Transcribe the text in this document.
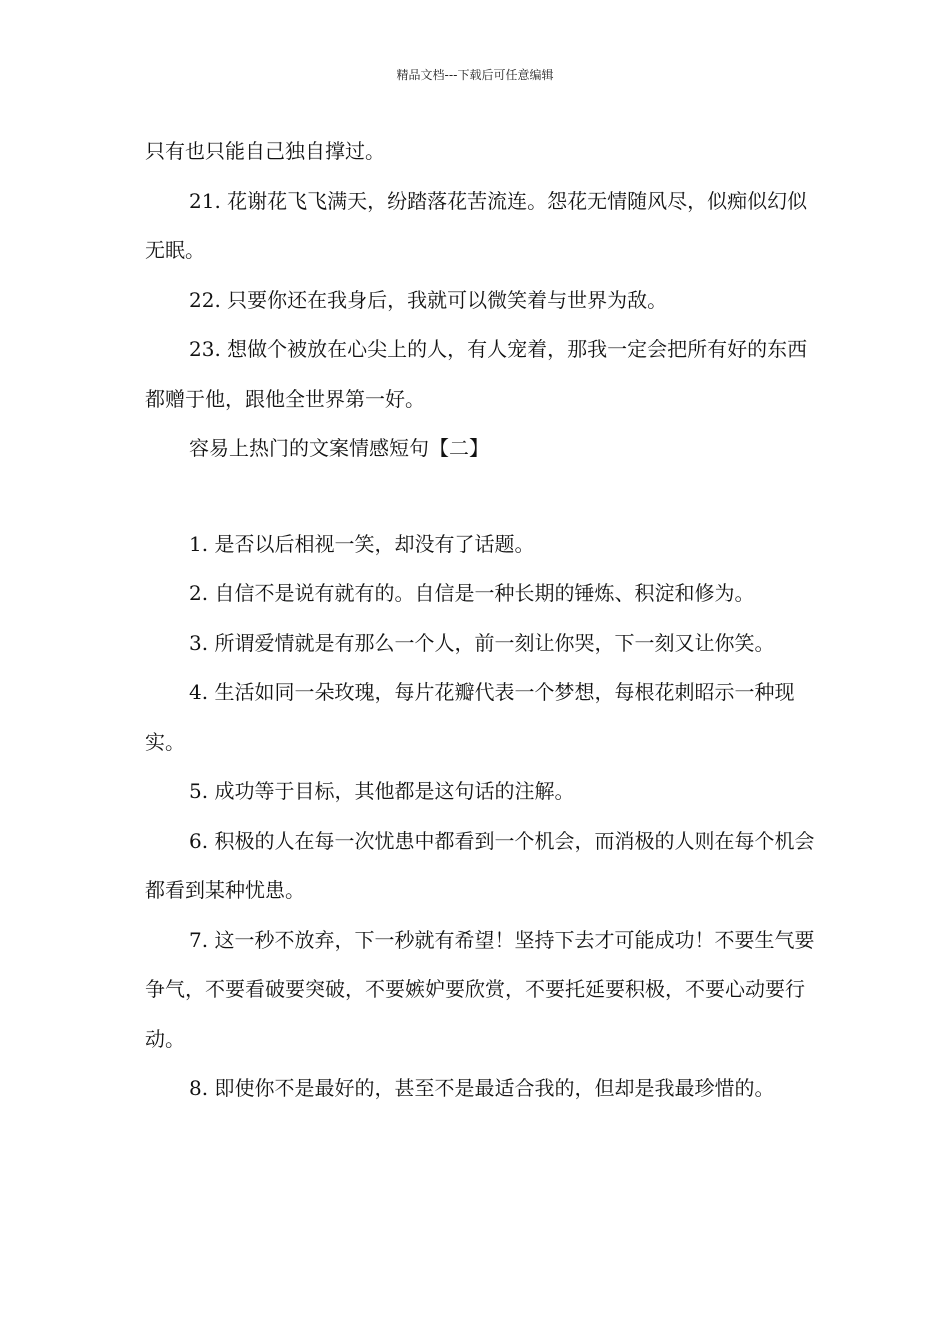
精品文档---下载后可任意编辑

只有也只能自己独自撑过。

21. 花谢花飞飞满天，纷踏落花苦流连。怨花无情随风尽，似痴似幻似无眠。

22. 只要你还在我身后，我就可以微笑着与世界为敌。

23. 想做个被放在心尖上的人，有人宠着，那我一定会把所有好的东西都赠于他，跟他全世界第一好。

容易上热门的文案情感短句【二】

1. 是否以后相视一笑，却没有了话题。

2. 自信不是说有就有的。自信是一种长期的锤炼、积淀和修为。

3. 所谓爱情就是有那么一个人，前一刻让你哭，下一刻又让你笑。

4. 生活如同一朵玫瑰，每片花瓣代表一个梦想，每根花刺昭示一种现实。

5. 成功等于目标，其他都是这句话的注解。

6. 积极的人在每一次忧患中都看到一个机会，而消极的人则在每个机会都看到某种忧患。

7. 这一秒不放弃，下一秒就有希望！坚持下去才可能成功！不要生气要争气，不要看破要突破，不要嫉妒要欣赏，不要托延要积极，不要心动要行动。

8. 即使你不是最好的，甚至不是最适合我的，但却是我最珍惜的。
